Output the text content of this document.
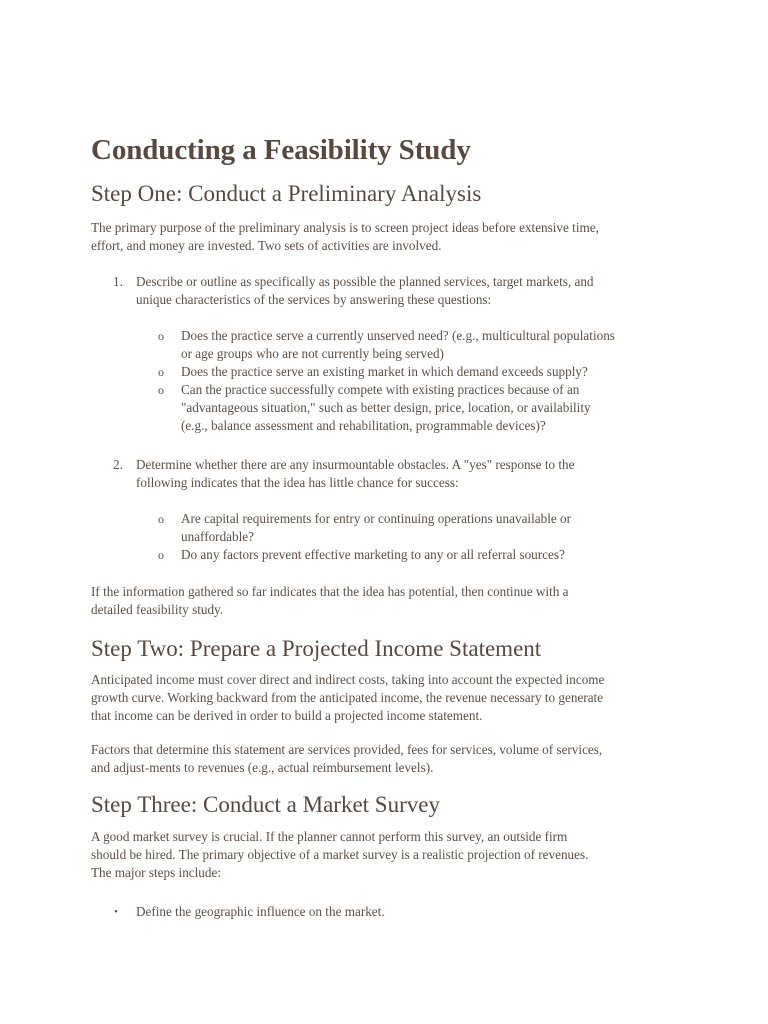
Conducting a Feasibility Study
Step One: Conduct a Preliminary Analysis

The primary purpose of the preliminary analysis is to screen project ideas before extensive time,
effort, and money are invested. Two sets of activities are involved.

1. Describe or outline as specifically as possible the planned services, target markets, and
unique characteristics of the services by answering these questions:
o Does the practice serve a currently unserved need? (e.g., multicultural populations
or age groups who are not currently being served)
o Does the practice serve an existing market in which demand exceeds supply?
o Can the practice successfully compete with existing practices because of an
"advantageous situation," such as better design, price, location, or availability
(e.g., balance assessment and rehabilitation, programmable devices)?
2. Determine whether there are any insurmountable obstacles. A "yes" response to the
following indicates that the idea has little chance for success:
o Are capital requirements for entry or continuing operations unavailable or
unaffordable?
o Do any factors prevent effective marketing to any or all referral sources?

If the information gathered so far indicates that the idea has potential, then continue with a
detailed feasibility study.

Step Two: Prepare a Projected Income Statement

Anticipated income must cover direct and indirect costs, taking into account the expected income
growth curve. Working backward from the anticipated income, the revenue necessary to generate
that income can be derived in order to build a projected income statement.

Factors that determine this statement are services provided, fees for services, volume of services,
and adjust-ments to revenues (e.g., actual reimbursement levels).

Step Three: Conduct a Market Survey

A good market survey is crucial. If the planner cannot perform this survey, an outside firm
should be hired. The primary objective of a market survey is a realistic projection of revenues.
The major steps include:

• Define the geographic influence on the market.
